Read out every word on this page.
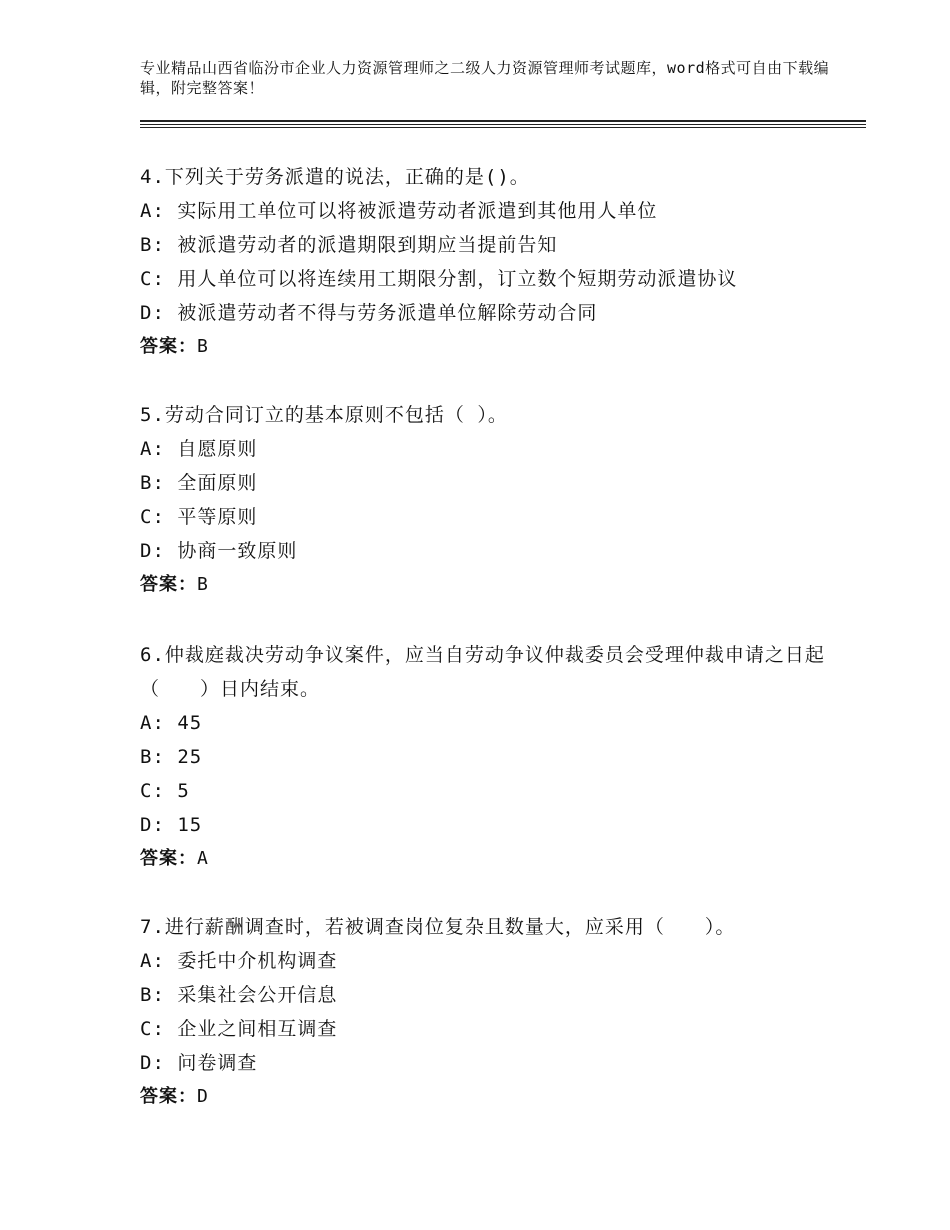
专业精品山西省临汾市企业人力资源管理师之二级人力资源管理师考试题库，word格式可自由下载编辑，附完整答案！
4.下列关于劳务派遣的说法，正确的是()。
A: 实际用工单位可以将被派遣劳动者派遣到其他用人单位
B: 被派遣劳动者的派遣期限到期应当提前告知
C: 用人单位可以将连续用工期限分割，订立数个短期劳动派遣协议
D: 被派遣劳动者不得与劳务派遣单位解除劳动合同
答案：B
5.劳动合同订立的基本原则不包括（ ）。
A: 自愿原则
B: 全面原则
C: 平等原则
D: 协商一致原则
答案：B
6.仲裁庭裁决劳动争议案件，应当自劳动争议仲裁委员会受理仲裁申请之日起（　　）日内结束。
A: 45
B: 25
C: 5
D: 15
答案：A
7.进行薪酬调查时，若被调查岗位复杂且数量大，应采用（　　）。
A: 委托中介机构调查
B: 采集社会公开信息
C: 企业之间相互调查
D: 问卷调查
答案：D
